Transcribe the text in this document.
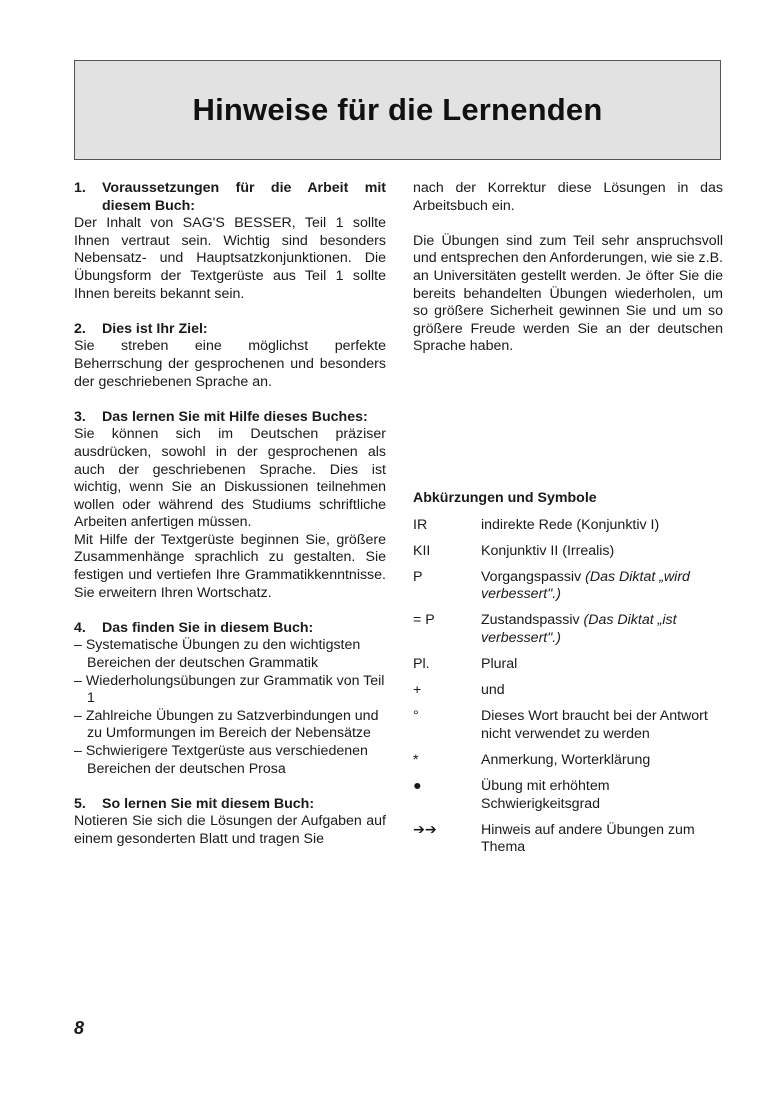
Hinweise für die Lernenden
1.	Voraussetzungen für die Arbeit mit diesem Buch:

Der Inhalt von SAG'S BESSER, Teil 1 sollte Ihnen vertraut sein. Wichtig sind besonders Nebensatz- und Hauptsatzkonjunktionen. Die Übungsform der Textgerüste aus Teil 1 sollte Ihnen bereits bekannt sein.

2.	Dies ist Ihr Ziel:

Sie streben eine möglichst perfekte Beherrschung der gesprochenen und besonders der geschriebenen Sprache an.

3.	Das lernen Sie mit Hilfe dieses Buches:

Sie können sich im Deutschen präziser ausdrücken, sowohl in der gesprochenen als auch der geschriebenen Sprache. Dies ist wichtig, wenn Sie an Diskussionen teilnehmen wollen oder während des Studiums schriftliche Arbeiten anfertigen müssen.

Mit Hilfe der Textgerüste beginnen Sie, größere Zusammenhänge sprachlich zu gestalten. Sie festigen und vertiefen Ihre Grammatikkenntnisse. Sie erweitern Ihren Wortschatz.

4.	Das finden Sie in diesem Buch:
– Systematische Übungen zu den wichtigsten Bereichen der deutschen Grammatik
– Wiederholungsübungen zur Grammatik von Teil 1
– Zahlreiche Übungen zu Satzverbindungen und zu Umformungen im Bereich der Nebensätze
– Schwierigere Textgerüste aus verschiedenen Bereichen der deutschen Prosa
5.	So lernen Sie mit diesem Buch:

Notieren Sie sich die Lösungen der Aufgaben auf einem gesonderten Blatt und tragen Sie

nach der Korrektur diese Lösungen in das Arbeitsbuch ein.

Die Übungen sind zum Teil sehr anspruchsvoll und entsprechen den Anforderungen, wie sie z.B. an Universitäten gestellt werden. Je öfter Sie die bereits behandelten Übungen wiederholen, um so größere Sicherheit gewinnen Sie und um so größere Freude werden Sie an der deutschen Sprache haben.

Abkürzungen und Symbole
IR	indirekte Rede (Konjunktiv I)
KII	Konjunktiv II (Irrealis)
P	Vorgangspassiv (Das Diktat „wird verbessert".)
= P	Zustandspassiv (Das Diktat „ist verbessert".)
Pl.	Plural
+	und
°	Dieses Wort braucht bei der Antwort nicht verwendet zu werden
*	Anmerkung, Worterklärung
●	Übung mit erhöhtem Schwierigkeitsgrad
➔➔	Hinweis auf andere Übungen zum Thema
8
